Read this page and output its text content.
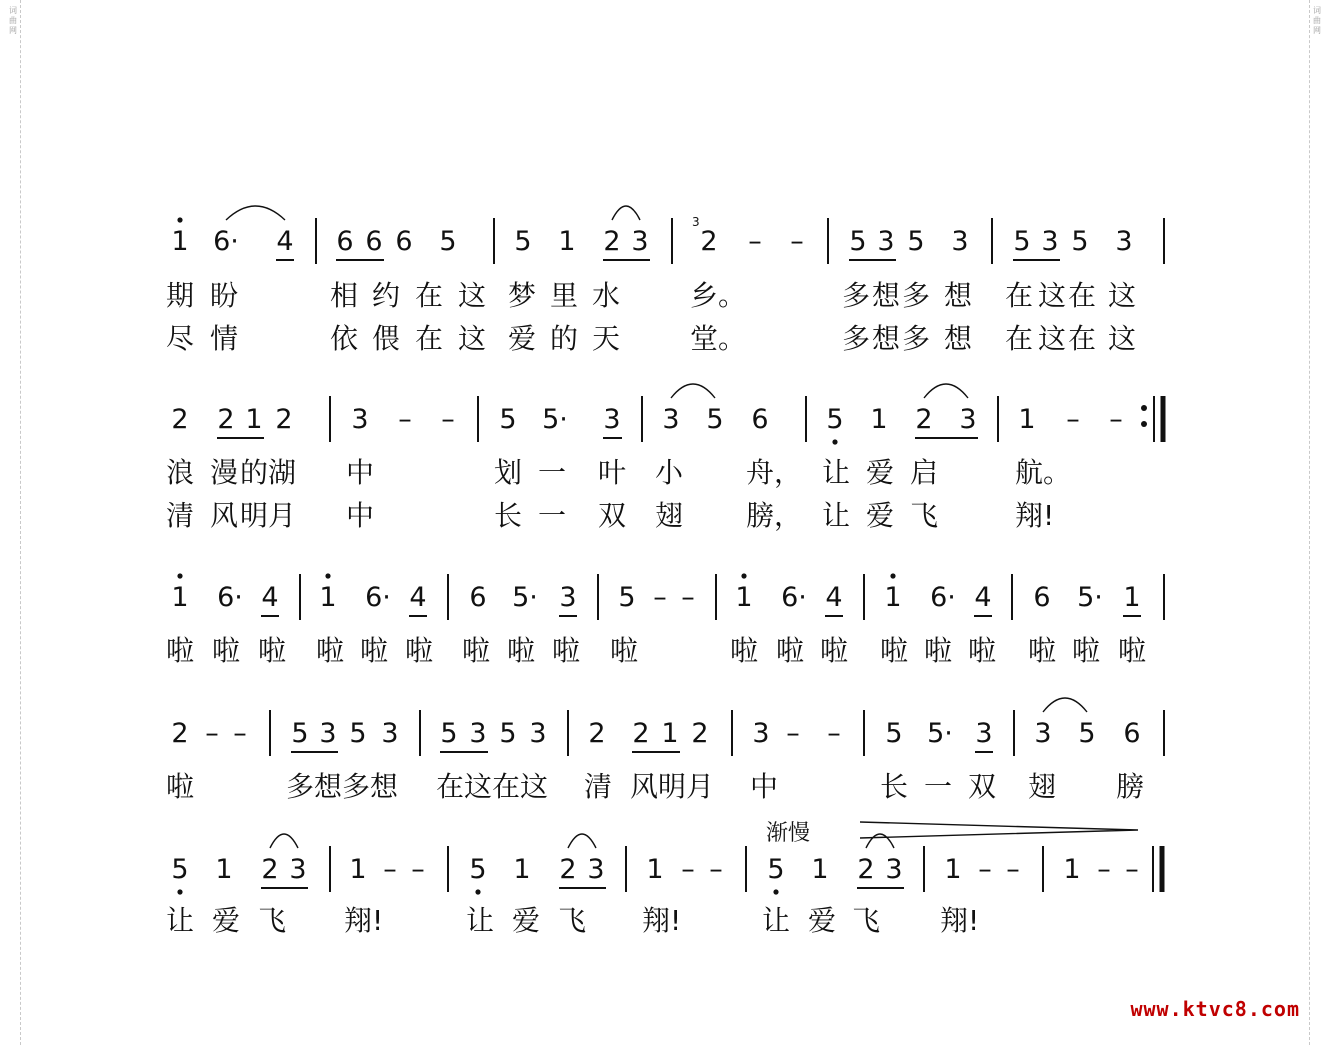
词曲网
词曲网
1 6· 4 6 6 6 5 5 1 2 3
3
2 – – 5 3 5 3 5 3 5 3
期 盼	相 约 在 这 梦 里 水 乡。	多 想 多 想 在 这 在 这
尽 情	依 偎 在 这 爱 的 天 堂。	多 想 多 想 在 这 在 这
2 2 1 2 3 – – 5 5· 3 3 5 6 5 1 2 3 1 – –
浪 漫 的 湖 中	划 一 叶 小 舟， 让 爱 启	航。
清 风 明 月 中	长 一 双 翅 膀， 让 爱 飞	翔!
1 6· 4 1 6· 4 6 5· 3 5 – – 1 6· 4 1 6· 4 6 5· 1
啦 啦 啦 啦 啦 啦 啦 啦 啦 啦	啦 啦 啦 啦 啦 啦 啦 啦 啦
2 – – 5 3 5 3 5 3 5 3 2 2 1 2 3 – – 5 5· 3 3 5 6
啦	多想多想 在这在这 清 风明月 中	长 一 双 翅 膀
渐慢
5 1 2 3 1 – – 5 1 2 3 1 – – 5 1 2 3 1 – – 1 – –
让 爱 飞 翔!	让 爱 飞 翔!	让 爱 飞 翔!
www.ktvc8.com
